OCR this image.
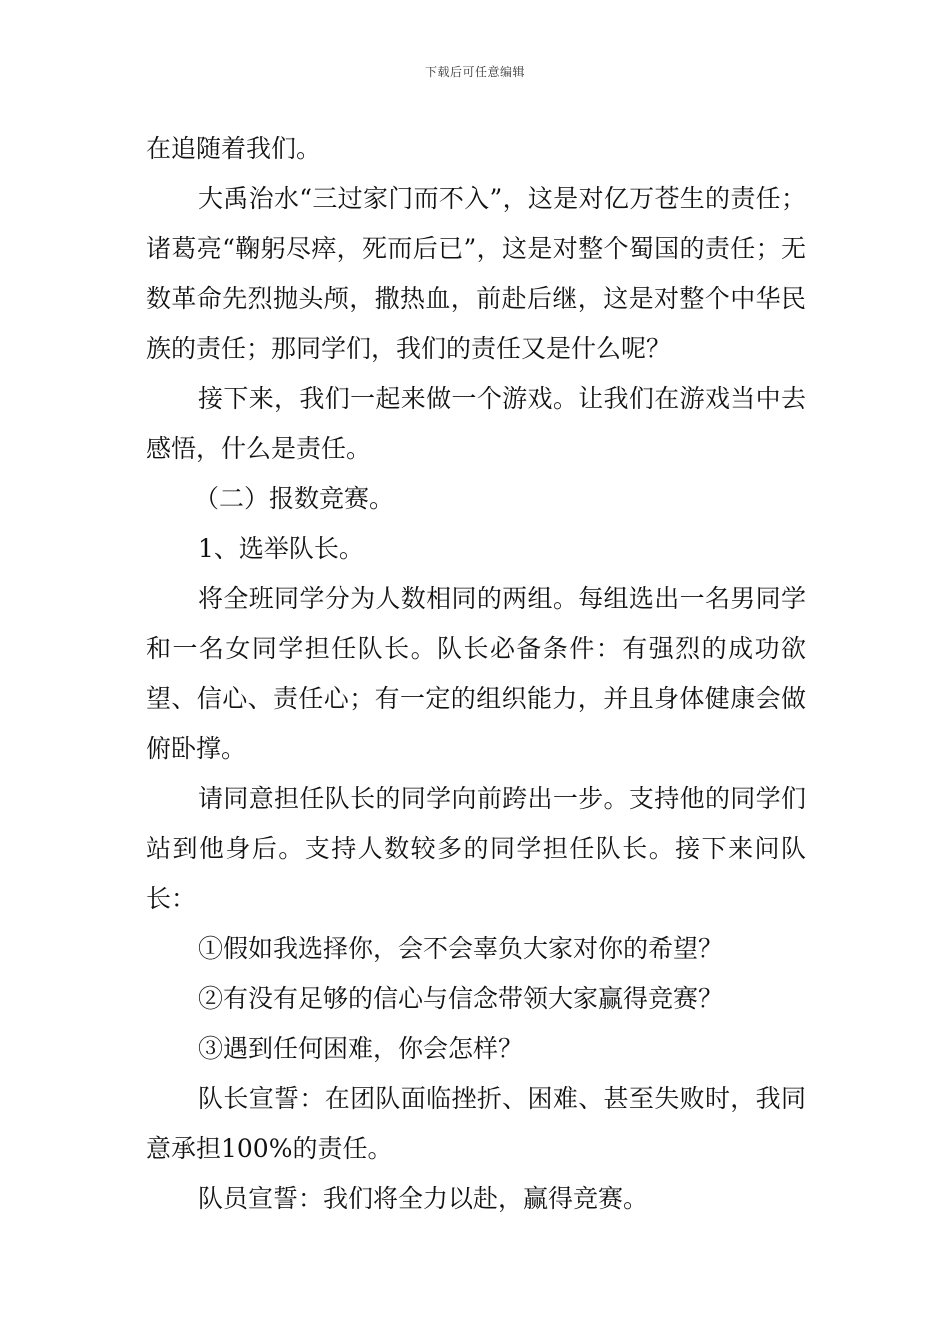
下载后可任意编辑

在追随着我们。

大禹治水“三过家门而不入”，这是对亿万苍生的责任；诸葛亮“鞠躬尽瘁，死而后已”，这是对整个蜀国的责任；无数革命先烈抛头颅，撒热血，前赴后继，这是对整个中华民族的责任；那同学们，我们的责任又是什么呢？

接下来，我们一起来做一个游戏。让我们在游戏当中去感悟，什么是责任。

（二）报数竞赛。

1、选举队长。

将全班同学分为人数相同的两组。每组选出一名男同学和一名女同学担任队长。队长必备条件：有强烈的成功欲望、信心、责任心；有一定的组织能力，并且身体健康会做俯卧撑。

请同意担任队长的同学向前跨出一步。支持他的同学们站到他身后。支持人数较多的同学担任队长。接下来问队长：

①假如我选择你，会不会辜负大家对你的希望？

②有没有足够的信心与信念带领大家赢得竞赛？

③遇到任何困难，你会怎样？

队长宣誓：在团队面临挫折、困难、甚至失败时，我同意承担100%的责任。

队员宣誓：我们将全力以赴，赢得竞赛。
